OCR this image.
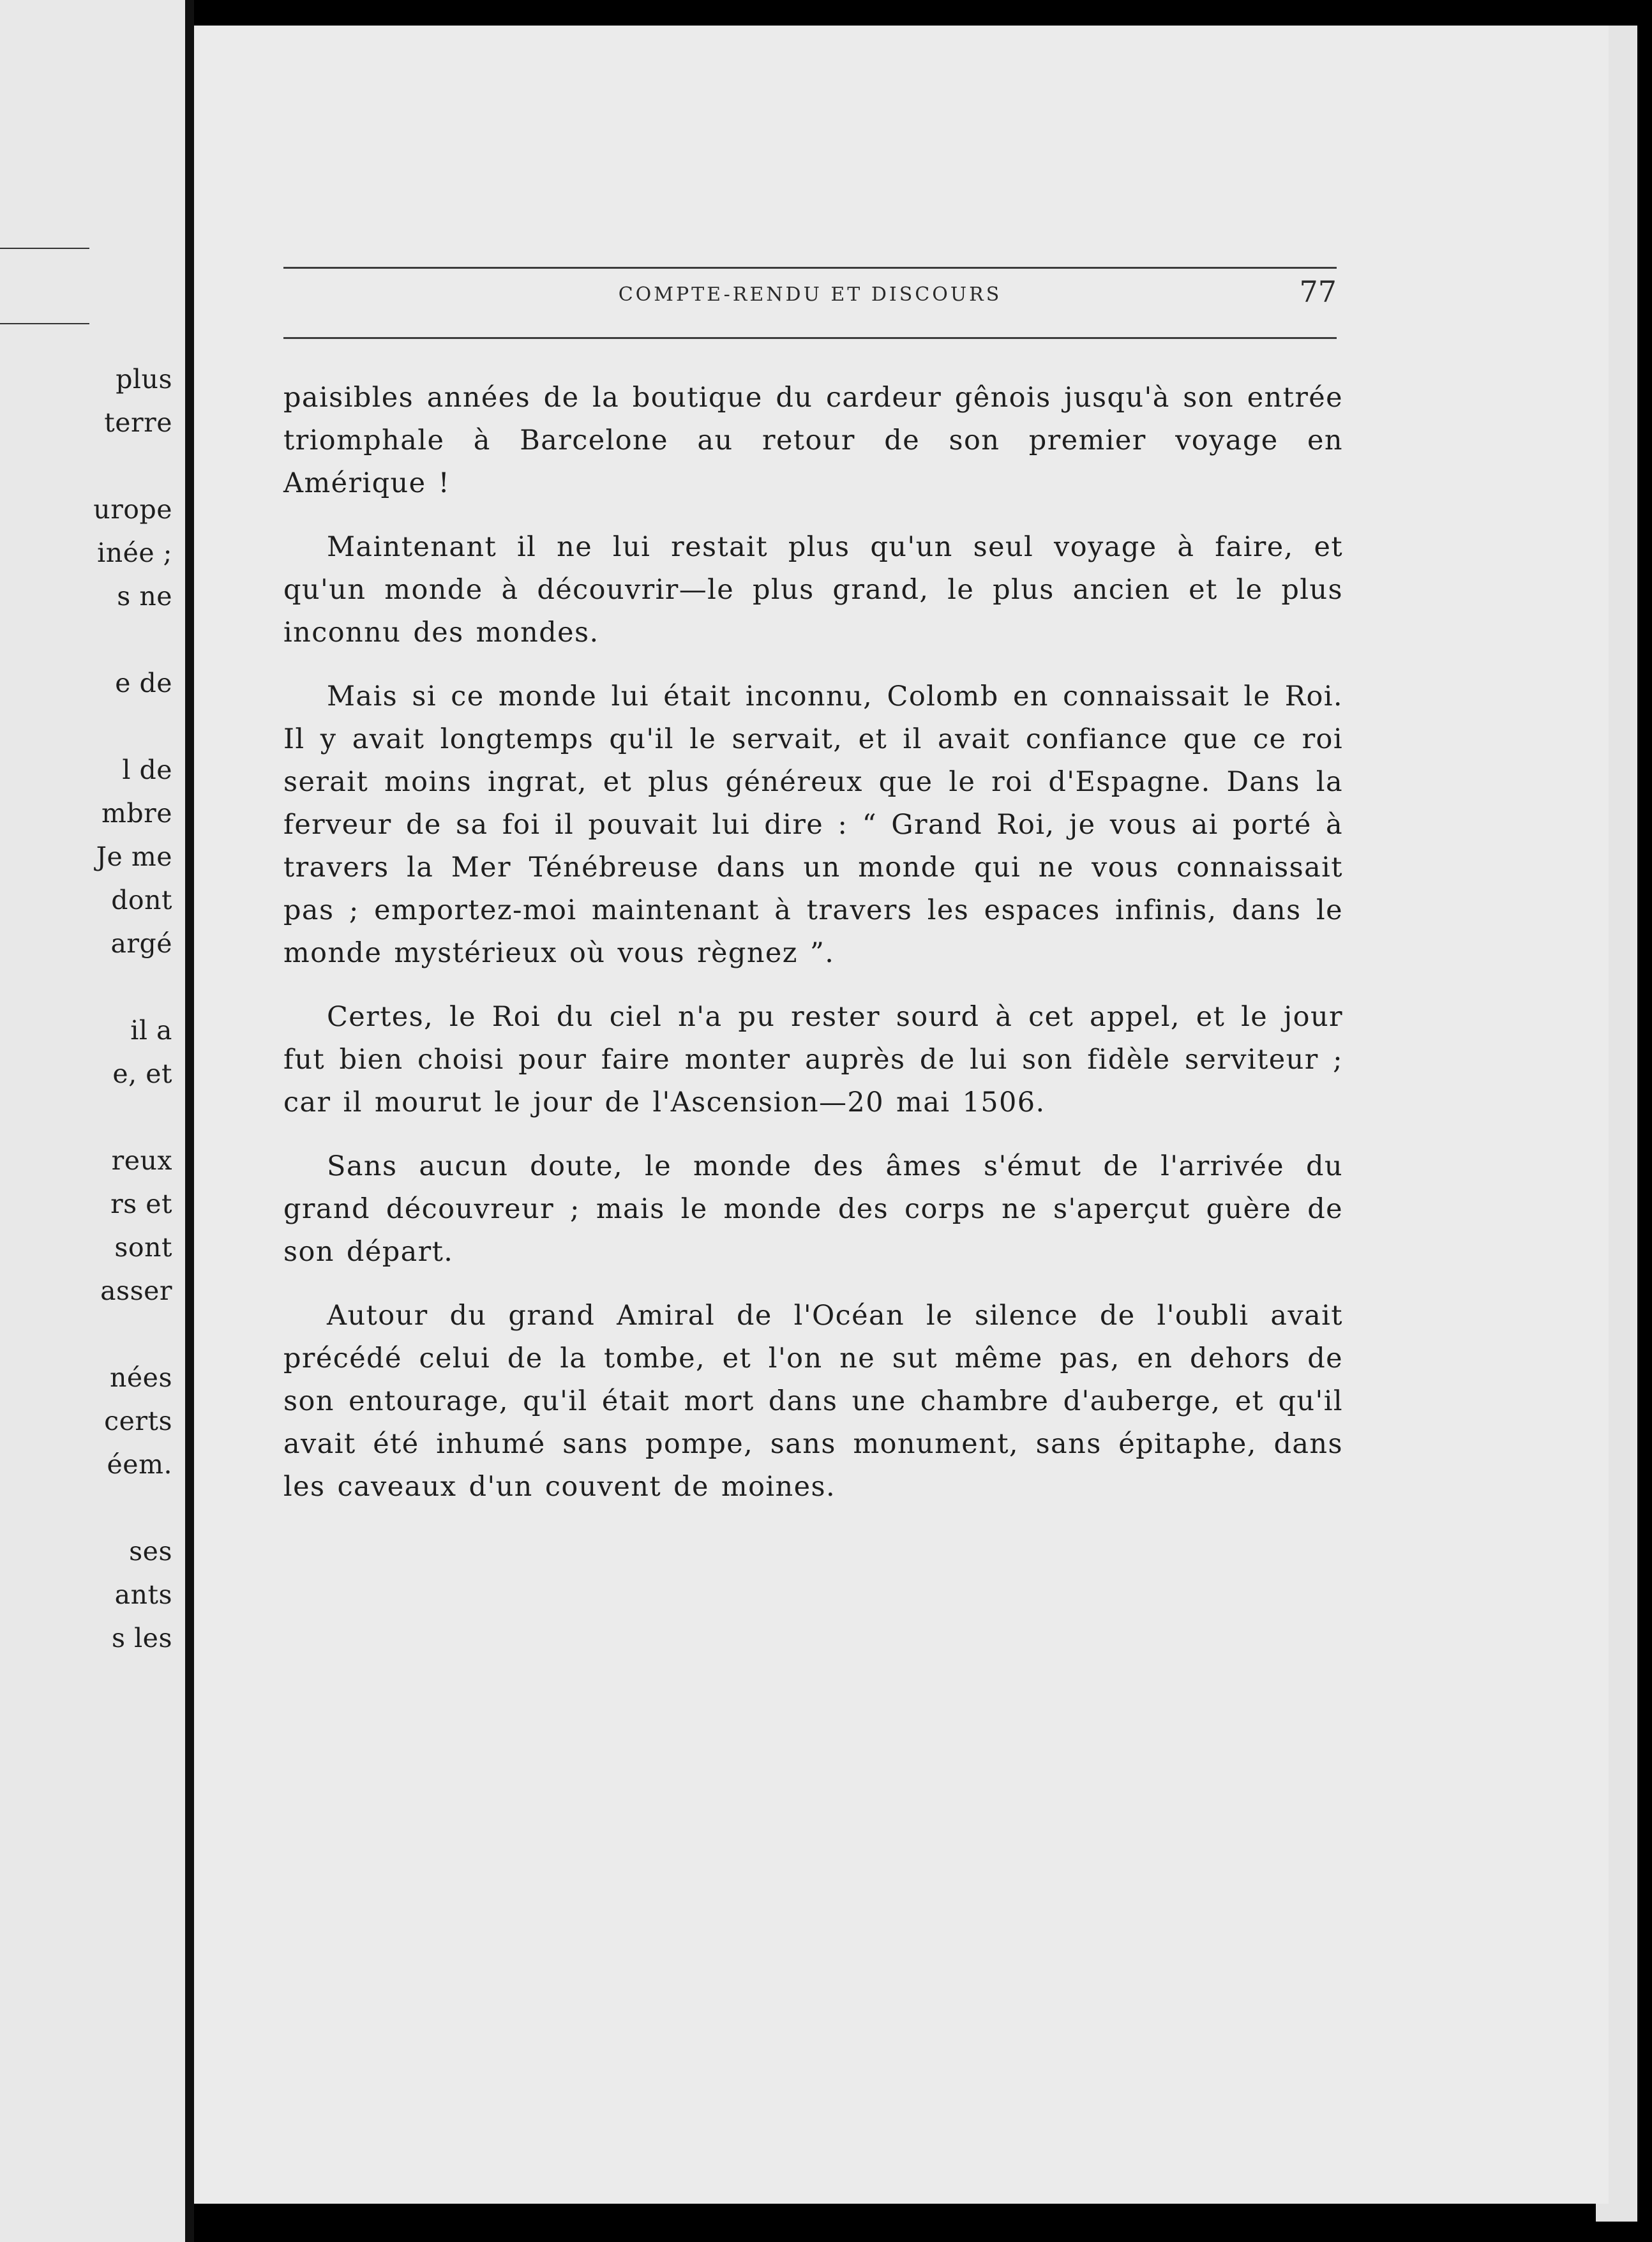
plus
terre
urope
inée ;
s ne
e de
l de
mbre
Je me
dont
argé
il a
e, et
reux
rs et
sont
asser
nées
certs
éem.
ses
ants
s les
COMPTE-RENDU ET DISCOURS	77

paisibles années de la boutique du cardeur gênois jusqu'à son entrée triomphale à Barcelone au retour de son premier voyage en Amérique !

Maintenant il ne lui restait plus qu'un seul voyage à faire, et qu'un monde à découvrir—le plus grand, le plus ancien et le plus inconnu des mondes.

Mais si ce monde lui était inconnu, Colomb en connaissait le Roi. Il y avait longtemps qu'il le servait, et il avait confiance que ce roi serait moins ingrat, et plus généreux que le roi d'Espagne. Dans la ferveur de sa foi il pouvait lui dire : “ Grand Roi, je vous ai porté à travers la Mer Ténébreuse dans un monde qui ne vous connaissait pas ; emportez-moi maintenant à travers les espaces infinis, dans le monde mystérieux où vous règnez ”.

Certes, le Roi du ciel n'a pu rester sourd à cet appel, et le jour fut bien choisi pour faire monter auprès de lui son fidèle serviteur ; car il mourut le jour de l'Ascension—20 mai 1506.

Sans aucun doute, le monde des âmes s'émut de l'arrivée du grand découvreur ; mais le monde des corps ne s'aperçut guère de son départ.

Autour du grand Amiral de l'Océan le silence de l'oubli avait précédé celui de la tombe, et l'on ne sut même pas, en dehors de son entourage, qu'il était mort dans une chambre d'auberge, et qu'il avait été inhumé sans pompe, sans monument, sans épitaphe, dans les caveaux d'un couvent de moines.
